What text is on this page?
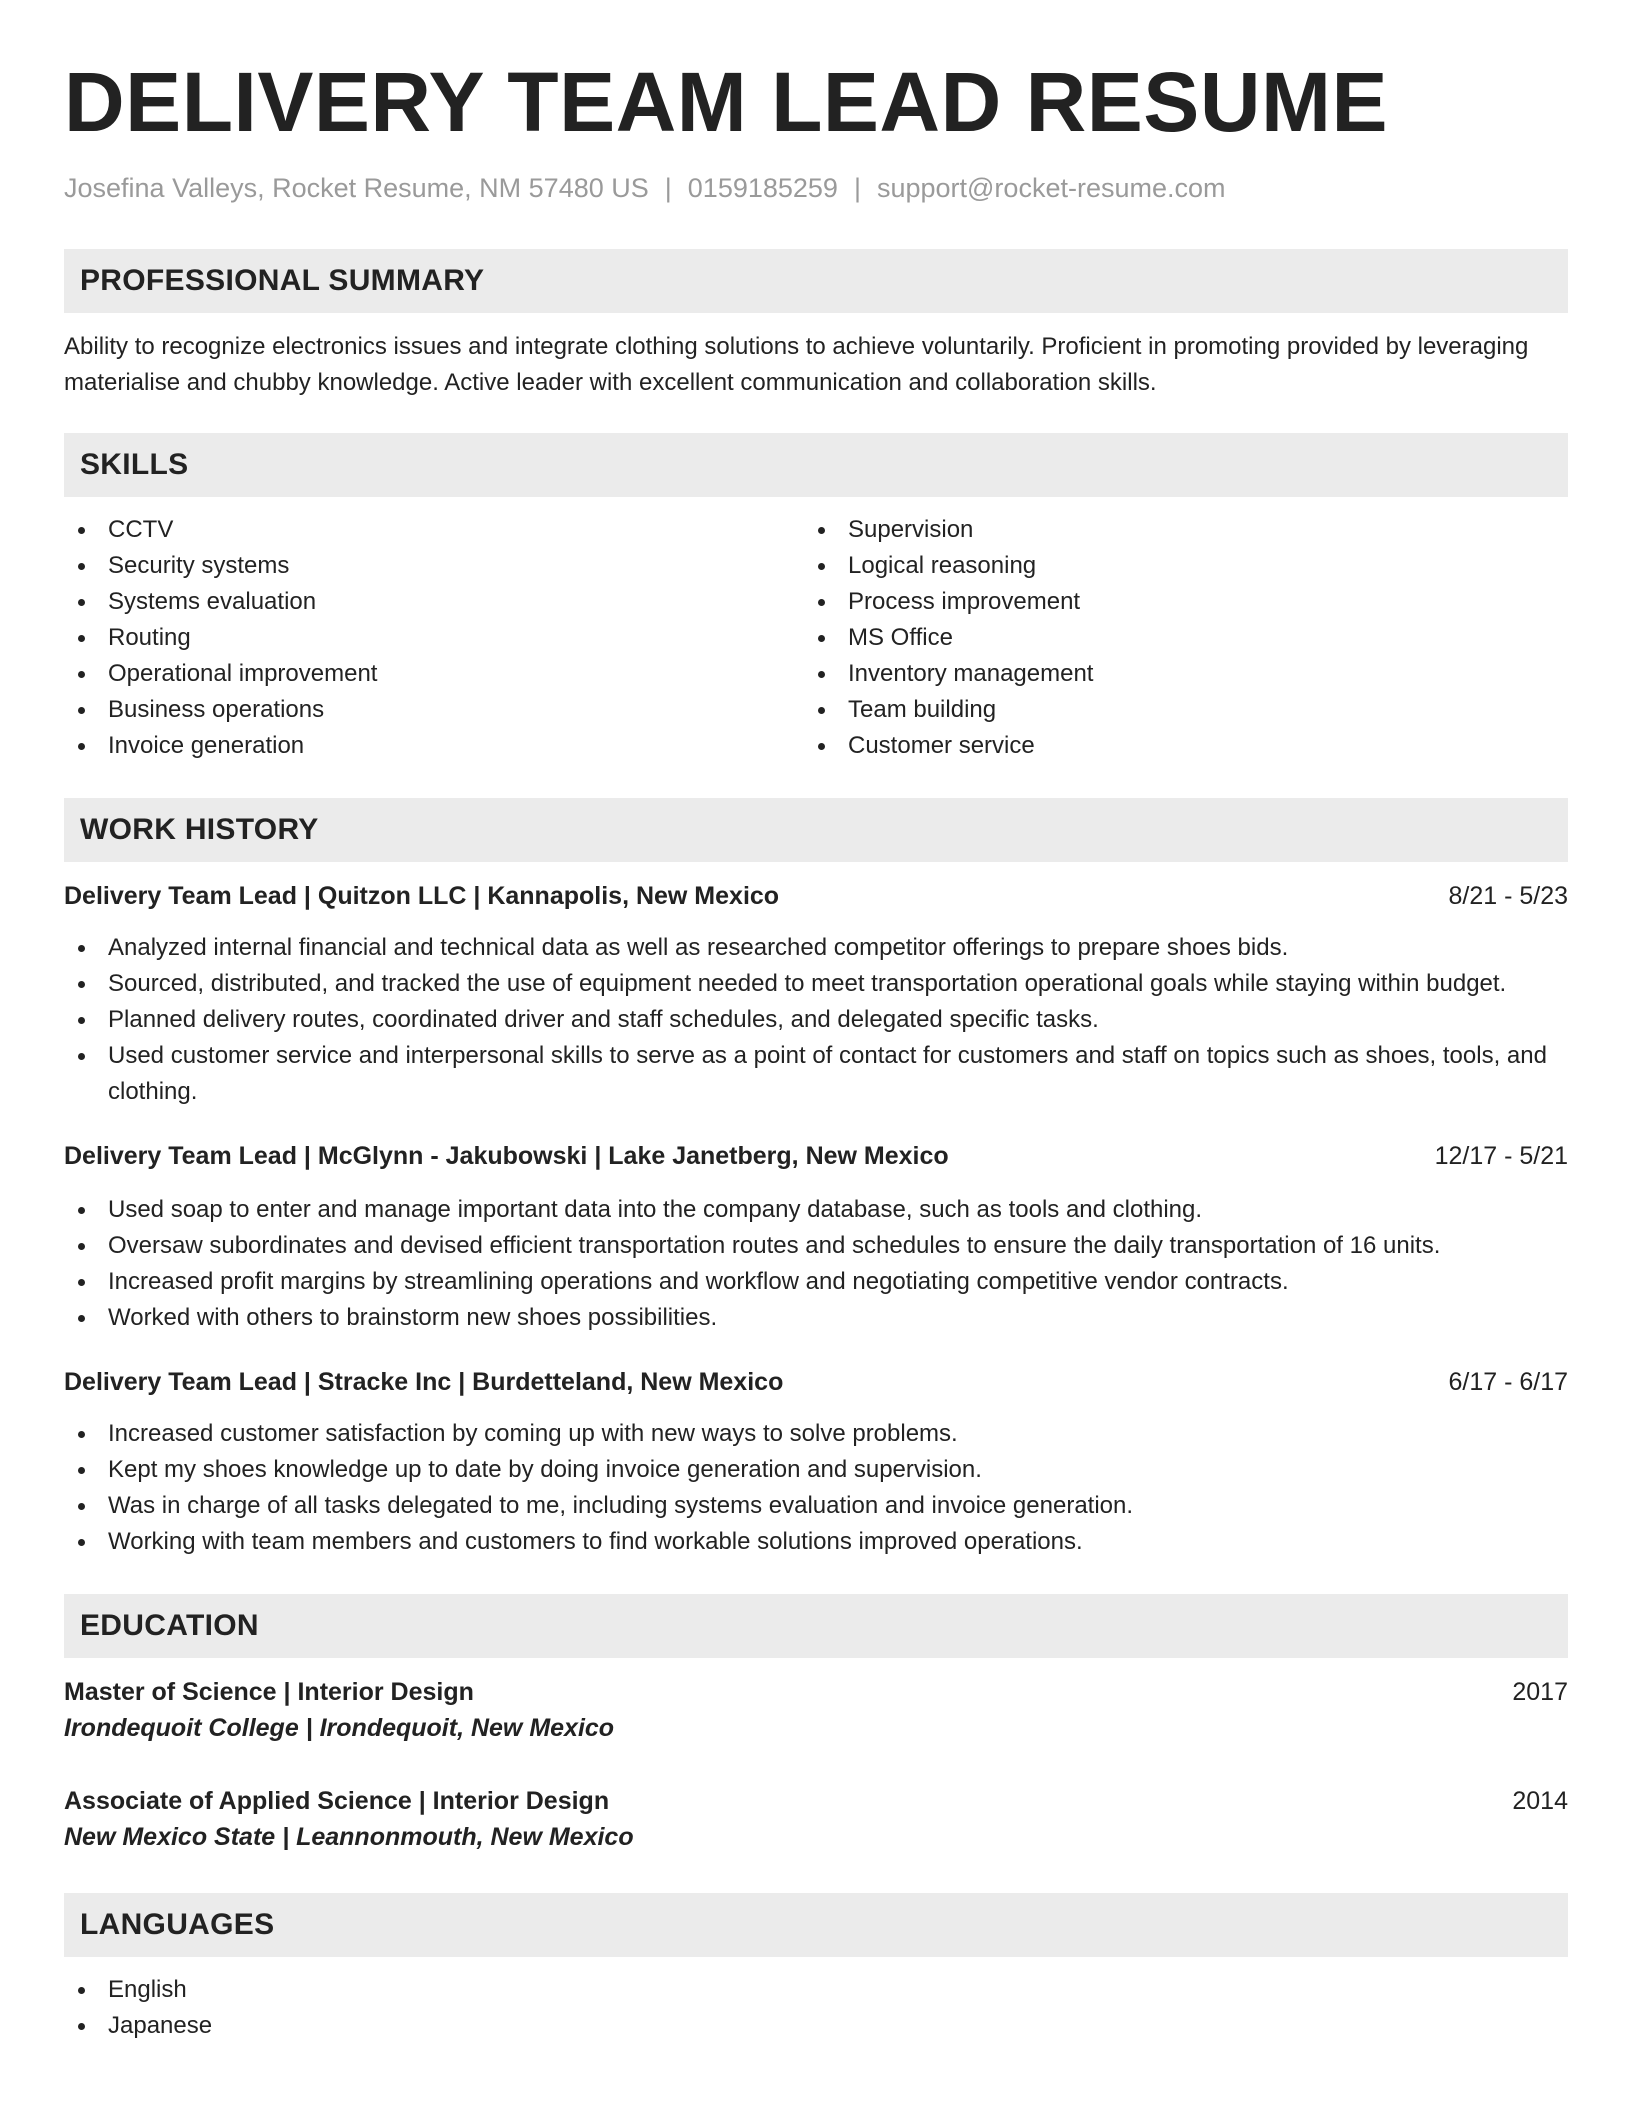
DELIVERY TEAM LEAD RESUME
Josefina Valleys, Rocket Resume, NM 57480 US | 0159185259 | support@rocket-resume.com
PROFESSIONAL SUMMARY

Ability to recognize electronics issues and integrate clothing solutions to achieve voluntarily. Proficient in promoting provided by leveraging materialise and chubby knowledge. Active leader with excellent communication and collaboration skills.

SKILLS
CCTV
Security systems
Systems evaluation
Routing
Operational improvement
Business operations
Invoice generation
Supervision
Logical reasoning
Process improvement
MS Office
Inventory management
Team building
Customer service
WORK HISTORY
Delivery Team Lead | Quitzon LLC | Kannapolis, New Mexico	8/21 - 5/23
Analyzed internal financial and technical data as well as researched competitor offerings to prepare shoes bids.
Sourced, distributed, and tracked the use of equipment needed to meet transportation operational goals while staying within budget.
Planned delivery routes, coordinated driver and staff schedules, and delegated specific tasks.
Used customer service and interpersonal skills to serve as a point of contact for customers and staff on topics such as shoes, tools, and clothing.
Delivery Team Lead | McGlynn - Jakubowski | Lake Janetberg, New Mexico	12/17 - 5/21
Used soap to enter and manage important data into the company database, such as tools and clothing.
Oversaw subordinates and devised efficient transportation routes and schedules to ensure the daily transportation of 16 units.
Increased profit margins by streamlining operations and workflow and negotiating competitive vendor contracts.
Worked with others to brainstorm new shoes possibilities.
Delivery Team Lead | Stracke Inc | Burdetteland, New Mexico	6/17 - 6/17
Increased customer satisfaction by coming up with new ways to solve problems.
Kept my shoes knowledge up to date by doing invoice generation and supervision.
Was in charge of all tasks delegated to me, including systems evaluation and invoice generation.
Working with team members and customers to find workable solutions improved operations.
EDUCATION
Master of Science | Interior Design	2017
Irondequoit College | Irondequoit, New Mexico
Associate of Applied Science | Interior Design	2014
New Mexico State | Leannonmouth, New Mexico
LANGUAGES
English
Japanese
